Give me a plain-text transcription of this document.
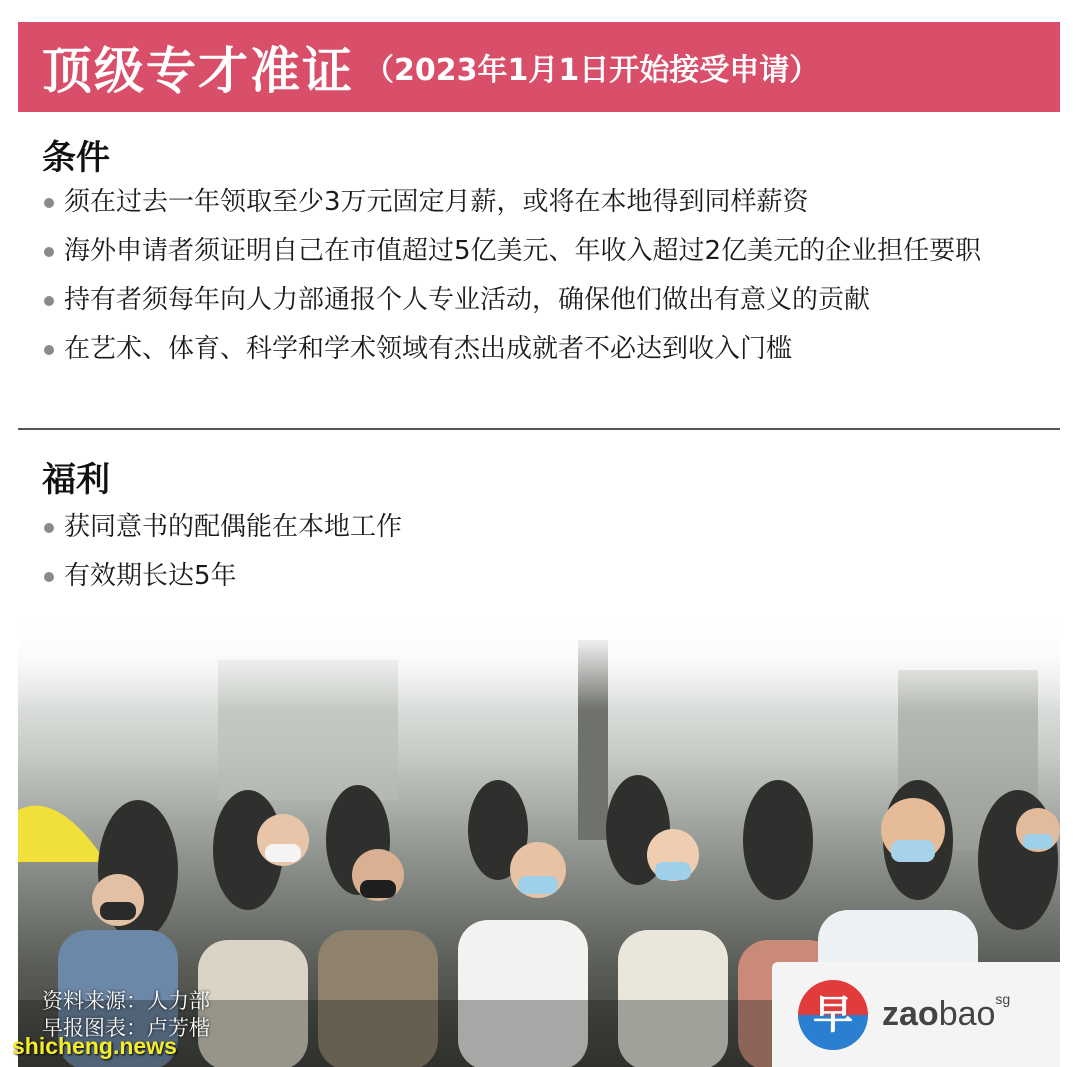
顶级专才准证 （2023年1月1日开始接受申请）
条件
须在过去一年领取至少3万元固定月薪，或将在本地得到同样薪资
海外申请者须证明自己在市值超过5亿美元、年收入超过2亿美元的企业担任要职
持有者须每年向人力部通报个人专业活动，确保他们做出有意义的贡献
在艺术、体育、科学和学术领域有杰出成就者不必达到收入门槛
福利
获同意书的配偶能在本地工作
有效期长达5年
资料来源：人力部
早报图表：卢芳楷	早 zaobao$^{sg}$
shicheng.news
